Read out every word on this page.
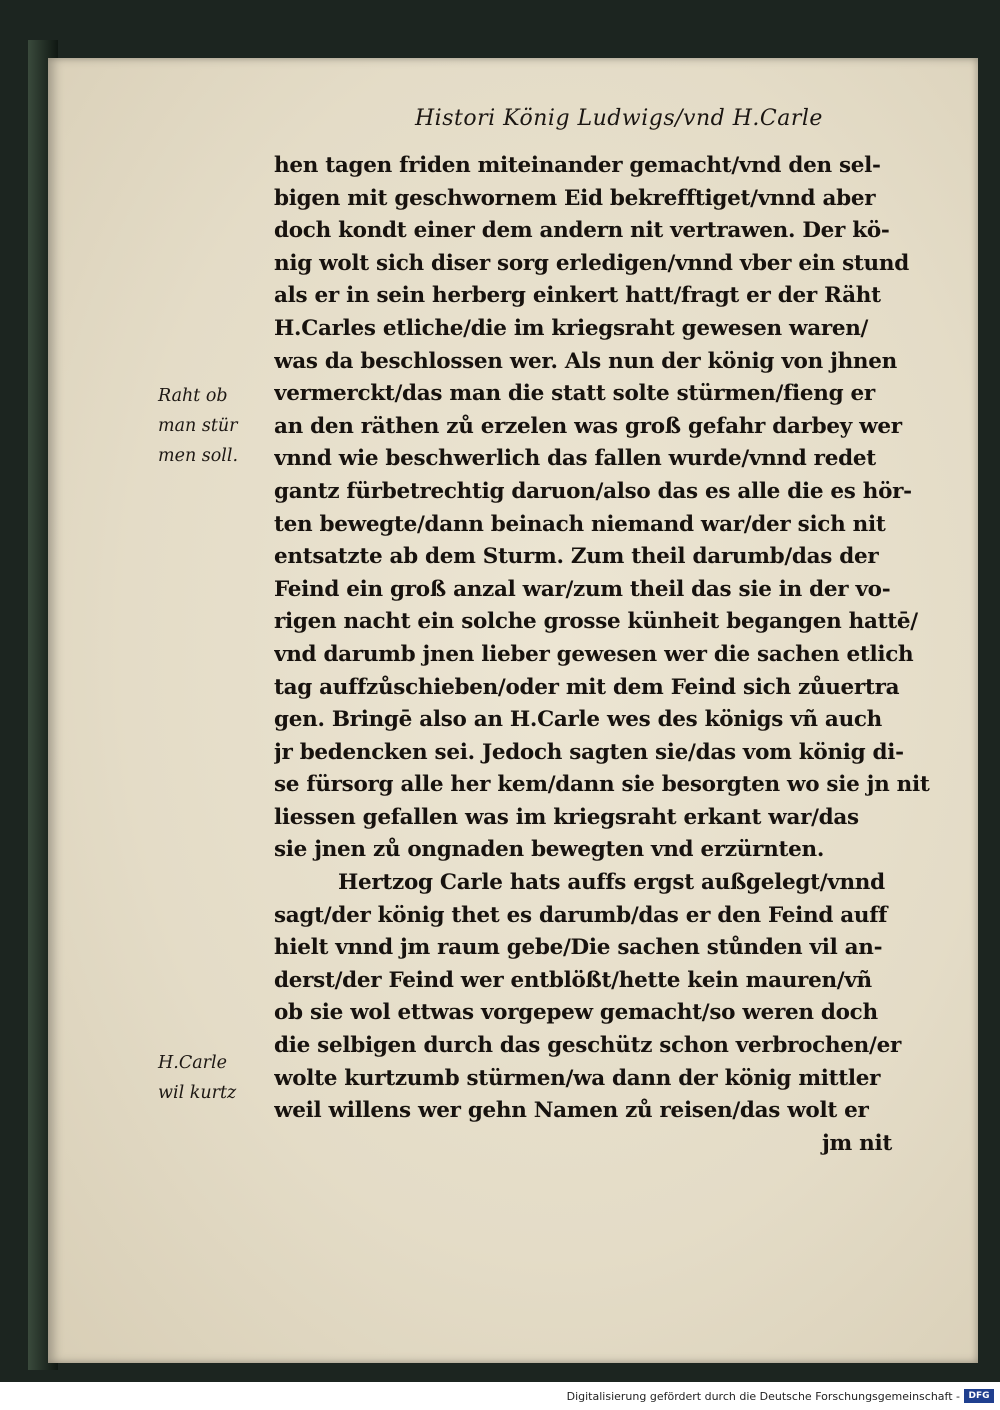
Histori König Ludwigs/vnd H.Carle
hen tagen friden miteinander gemacht/vnd den sel-
bigen mit geschwornem Eid bekrefftiget/vnnd aber
doch kondt einer dem andern nit vertrawen. Der kö-
nig wolt sich diser sorg erledigen/vnnd vber ein stund
als er in sein herberg einkert hatt/fragt er der Räht
H.Carles etliche/die im kriegsraht gewesen waren/
was da beschlossen wer. Als nun der könig von jhnen
vermerckt/das man die statt solte stürmen/fieng er
an den räthen zů erzelen was groß gefahr darbey wer
vnnd wie beschwerlich das fallen wurde/vnnd redet
gantz fürbetrechtig daruon/also das es alle die es hör-
ten bewegte/dann beinach niemand war/der sich nit
entsatzte ab dem Sturm. Zum theil darumb/das der
Feind ein groß anzal war/zum theil das sie in der vo-
rigen nacht ein solche grosse künheit begangen hattē/
vnd darumb jnen lieber gewesen wer die sachen etlich
tag auffzůschieben/oder mit dem Feind sich zůuertra
gen. Bringē also an H.Carle wes des königs vñ auch
jr bedencken sei. Jedoch sagten sie/das vom könig di-
se fürsorg alle her kem/dann sie besorgten wo sie jn nit
liessen gefallen was im kriegsraht erkant war/das
sie jnen zů ongnaden bewegten vnd erzürnten.
Hertzog Carle hats auffs ergst außgelegt/vnnd
sagt/der könig thet es darumb/das er den Feind auff
hielt vnnd jm raum gebe/Die sachen stůnden vil an-
derst/der Feind wer entblößt/hette kein mauren/vñ
ob sie wol ettwas vorgepew gemacht/so weren doch
die selbigen durch das geschütz schon verbrochen/er
wolte kurtzumb stürmen/wa dann der könig mittler
weil willens wer gehn Namen zů reisen/das wolt er
jm nit
Raht ob
man stür
men soll.
H.Carle
wil kurtz
Digitalisierung gefördert durch die Deutsche Forschungsgemeinschaft - DFG
